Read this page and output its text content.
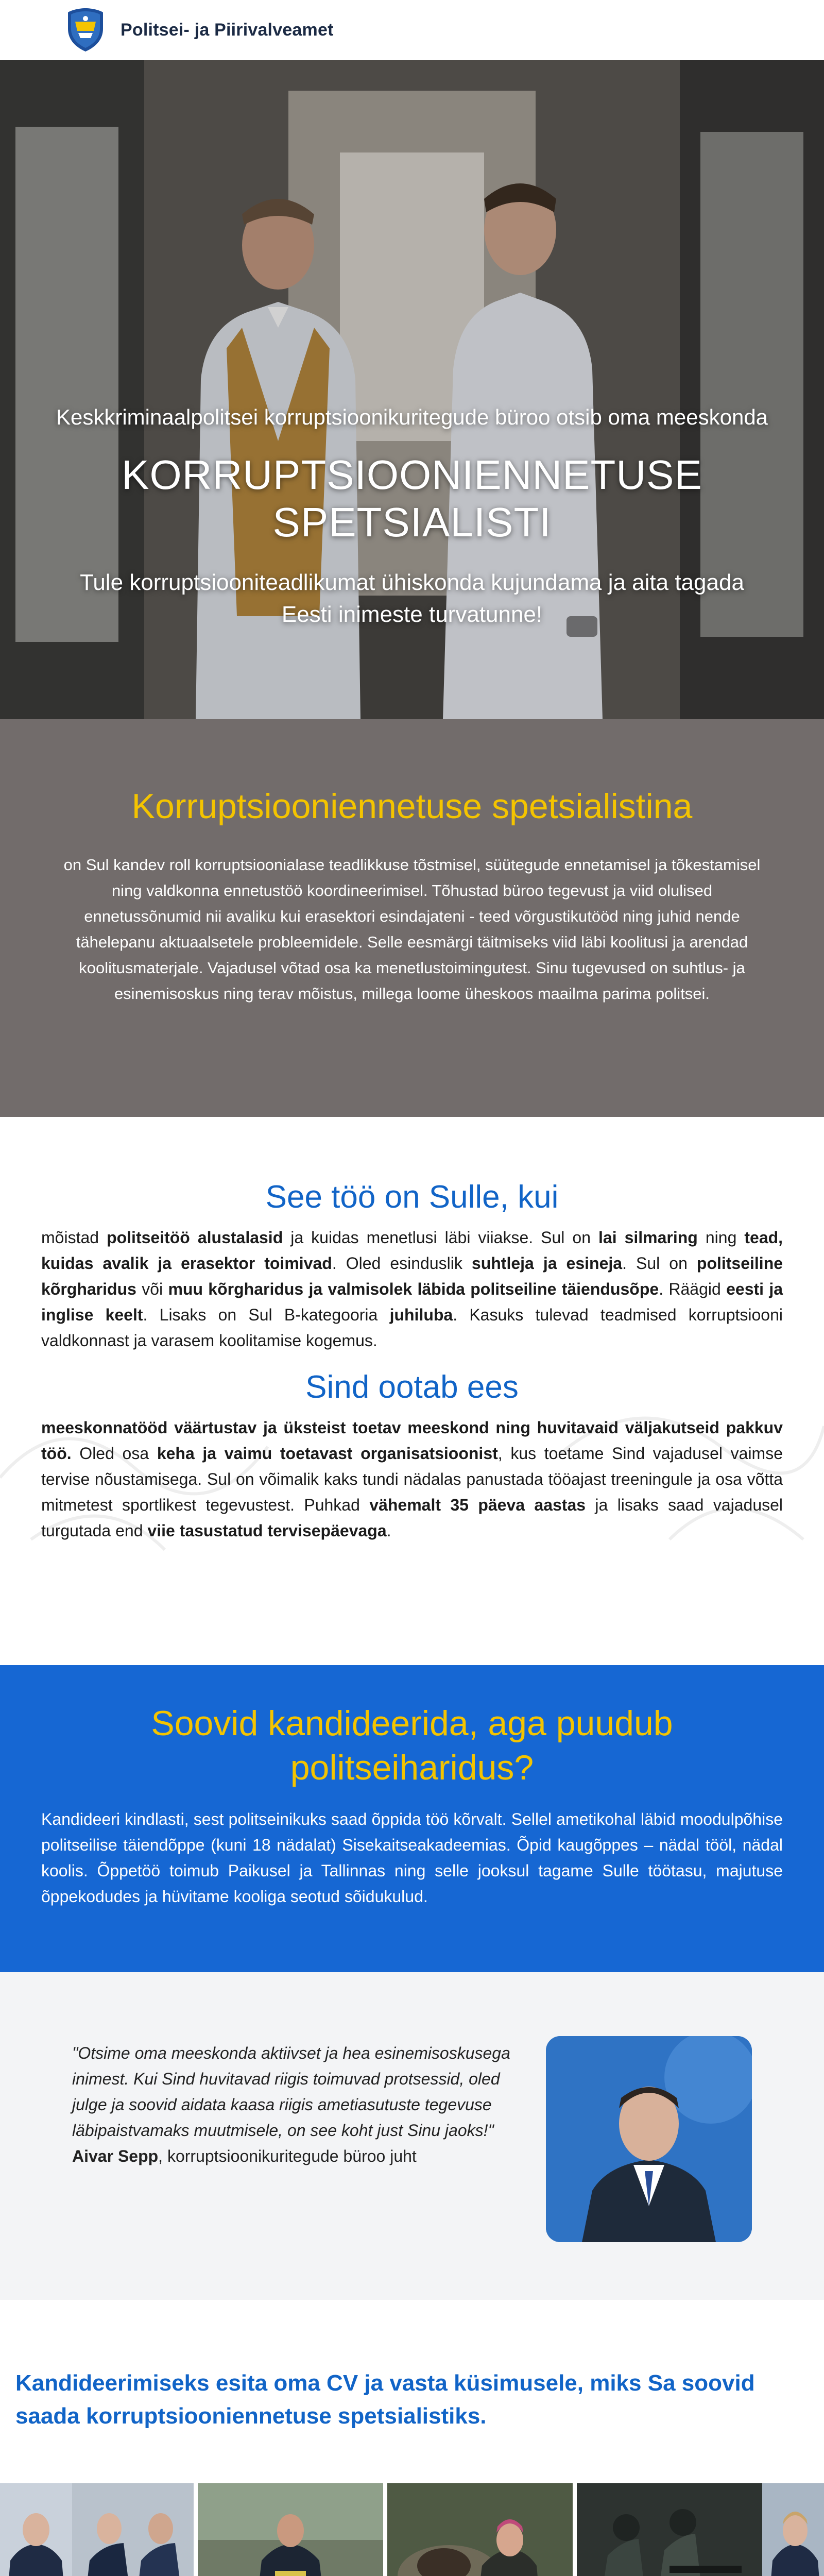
Politsei- ja Piirivalveamet

Keskkriminaalpolitsei korruptsioonikuritegude büroo otsib oma meeskonda

KORRUPTSIOONIENNETUSE SPETSIALISTI

Tule korruptsiooniteadlikumat ühiskonda kujundama ja aita tagada Eesti inimeste turvatunne!

Korruptsiooniennetuse spetsialistina

on Sul kandev roll korruptsioonialase teadlikkuse tõstmisel, süütegude ennetamisel ja tõkestamisel ning valdkonna ennetustöö koordineerimisel. Tõhustad büroo tegevust ja viid olulised ennetussõnumid nii avaliku kui erasektori esindajateni - teed võrgustikutööd ning juhid nende tähelepanu aktuaalsetele probleemidele. Selle eesmärgi täitmiseks viid läbi koolitusi ja arendad koolitusmaterjale. Vajadusel võtad osa ka menetlustoimingutest. Sinu tugevused on suhtlus- ja esinemisoskus ning terav mõistus, millega loome üheskoos maailma parima politsei.

See töö on Sulle, kui

mõistad politseitöö alustalasid ja kuidas menetlusi läbi viiakse. Sul on lai silmaring ning tead, kuidas avalik ja erasektor toimivad. Oled esinduslik suhtleja ja esineja. Sul on politseiline kõrgharidus või muu kõrgharidus ja valmisolek läbida politseiline täiendusõpe. Räägid eesti ja inglise keelt. Lisaks on Sul B-kategooria juhiluba. Kasuks tulevad teadmised korruptsiooni valdkonnast ja varasem koolitamise kogemus.

Sind ootab ees

meeskonnatööd väärtustav ja üksteist toetav meeskond ning huvitavaid väljakutseid pakkuv töö. Oled osa keha ja vaimu toetavast organisatsioonist, kus toetame Sind vajadusel vaimse tervise nõustamisega. Sul on võimalik kaks tundi nädalas panustada tööajast treeningule ja osa võtta mitmetest sportlikest tegevustest. Puhkad vähemalt 35 päeva aastas ja lisaks saad vajadusel turgutada end viie tasustatud tervisepäevaga.

Soovid kandideerida, aga puudub politseiharidus?

Kandideeri kindlasti, sest politseinikuks saad õppida töö kõrvalt. Sellel ametikohal läbid moodulpõhise politseilise täiendõppe (kuni 18 nädalat) Sisekaitseakadeemias. Õpid kaugõppes – nädal tööl, nädal koolis. Õppetöö toimub Paikusel ja Tallinnas ning selle jooksul tagame Sulle töötasu, majutuse õppekodudes ja hüvitame kooliga seotud sõidukulud.

"Otsime oma meeskonda aktiivset ja hea esinemisoskusega inimest. Kui Sind huvitavad riigis toimuvad protsessid, oled julge ja soovid aidata kaasa riigis ametiasutuste tegevuse läbipaistvamaks muutmisele, on see koht just Sinu jaoks!"
Aivar Sepp, korruptsioonikuritegude büroo juht

Kandideerimiseks esita oma CV ja vasta küsimusele, miks Sa soovid saada korruptsiooniennetuse spetsialistiks.
